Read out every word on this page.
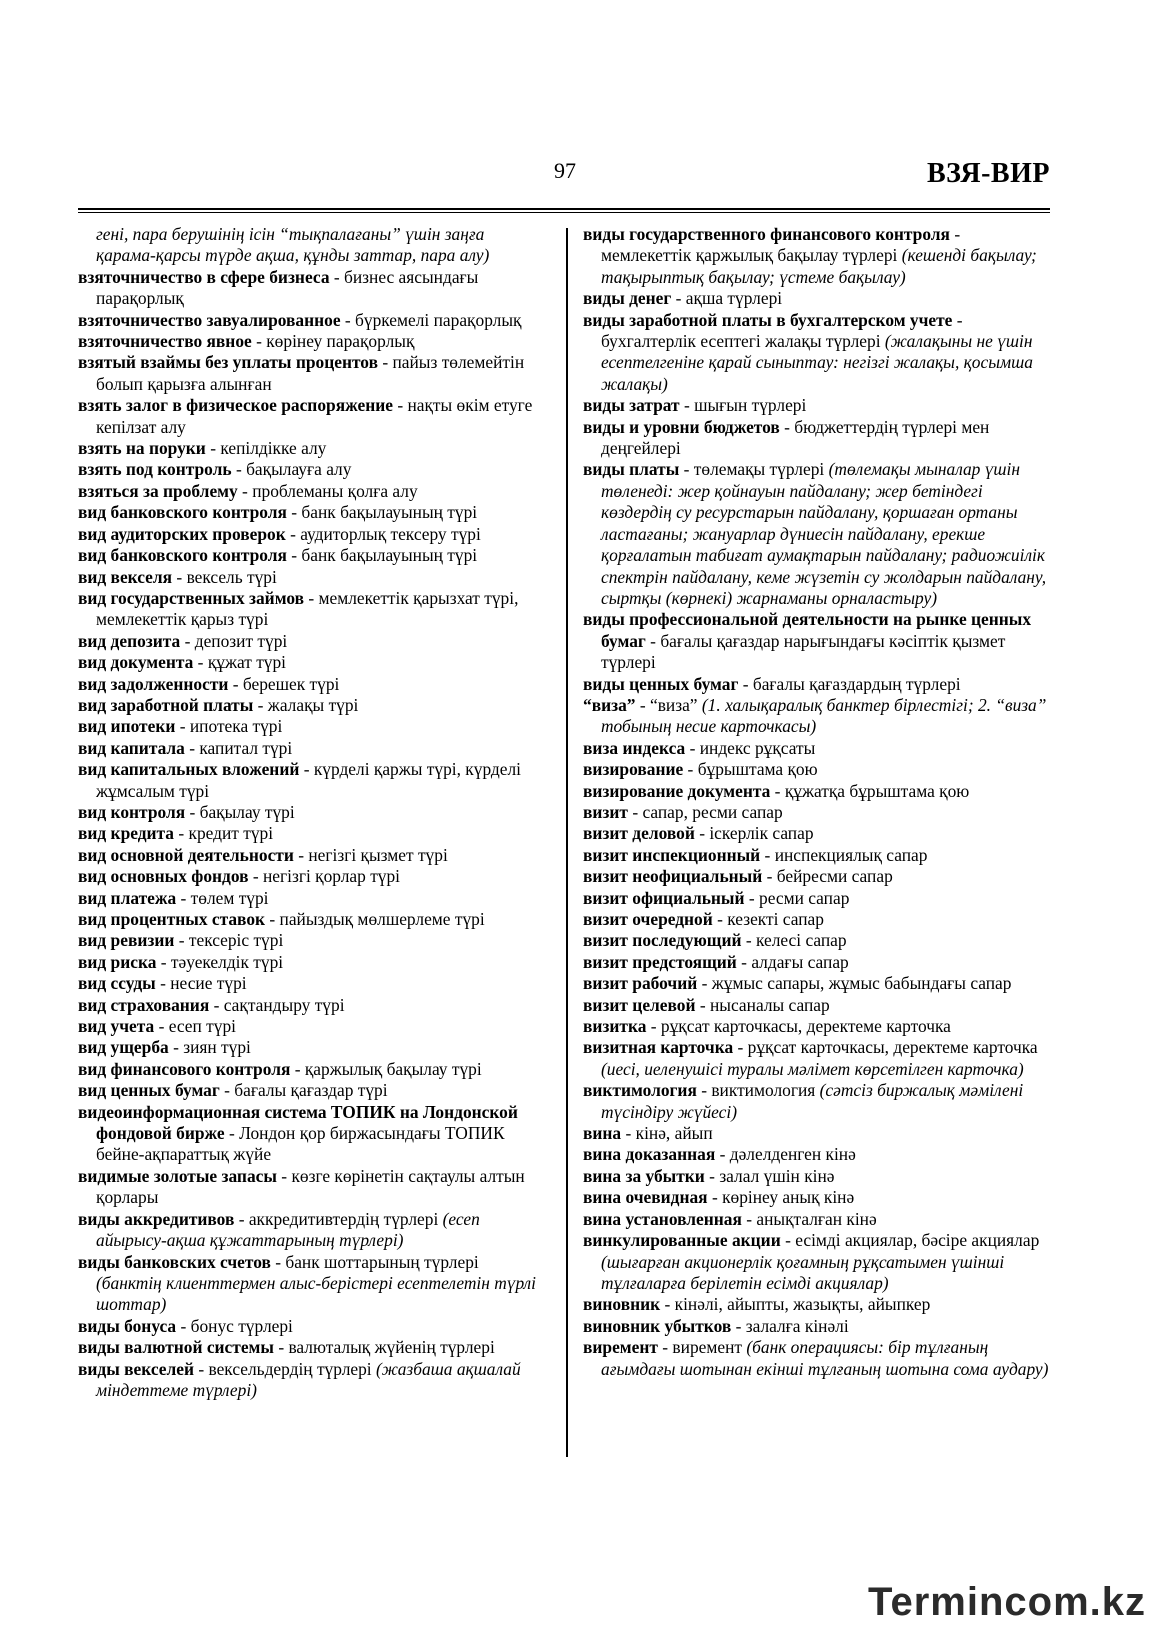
97	ВЗЯ-ВИР

гені, пара берушінің ісін “тықпалағаны” үшін заңға қарама-қарсы түрде ақша, құнды заттар, пара алу)

взяточничество в сфере бизнеса - бизнес аясындағы парақорлық

взяточничество завуалированное - бүркемелі парақорлық

взяточничество явное - көрінеу парақорлық

взятый взаймы без уплаты процентов - пайыз төлемейтін болып қарызға алынған

взять залог в физическое распоряжение - нақты өкім етуге кепілзат алу

взять на поруки - кепілдікке алу

взять под контроль - бақылауға алу

взяться за проблему - проблеманы қолға алу

вид банковского контроля - банк бақылауының түрі

вид аудиторских проверок - аудиторлық тексеру түрі

вид банковского контроля - банк бақылауының түрі

вид векселя - вексель түрі

вид государственных займов - мемлекеттік қарызхат түрі, мемлекеттік қарыз түрі

вид депозита - депозит түрі

вид документа - құжат түрі

вид задолженности - берешек түрі

вид заработной платы - жалақы түрі

вид ипотеки - ипотека түрі

вид капитала - капитал түрі

вид капитальных вложений - күрделі қаржы түрі, күрделі жұмсалым түрі

вид контроля - бақылау түрі

вид кредита - кредит түрі

вид основной деятельности - негізгі қызмет түрі

вид основных фондов - негізгі қорлар түрі

вид платежа - төлем түрі

вид процентных ставок - пайыздық мөлшерлеме түрі

вид ревизии - тексеріс түрі

вид риска - тәуекелдік түрі

вид ссуды - несие түрі

вид страхования - сақтандыру түрі

вид учета - есеп түрі

вид ущерба - зиян түрі

вид финансового контроля - қаржылық бақылау түрі

вид ценных бумаг - бағалы қағаздар түрі

видеоинформационная система ТОПИК на Лондонской фондовой бирже - Лондон қор биржасындағы ТОПИК бейне-ақпараттық жүйе

видимые золотые запасы - көзге көрінетін сақтаулы алтын қорлары

виды аккредитивов - аккредитивтердің түрлері (есеп айырысу-ақша құжаттарының түрлері)

виды банковских счетов - банк шоттарының түрлері (банктің клиенттермен алыс-берістері есептелетін түрлі шоттар)

виды бонуса - бонус түрлері

виды валютной системы - валюталық жүйенің түрлері

виды векселей - вексельдердің түрлері (жазбаша ақшалай міндеттеме түрлері)

виды государственного финансового контроля - мемлекеттік қаржылық бақылау түрлері (кешенді бақылау; тақырыптық бақылау; үстеме бақылау)

виды денег - ақша түрлері

виды заработной платы в бухгалтерском учете - бухгалтерлік есептегі жалақы түрлері (жалақыны не үшін есептелгеніне қарай сыныптау: негізгі жалақы, қосымша жалақы)

виды затрат - шығын түрлері

виды и уровни бюджетов - бюджеттердің түрлері мен деңгейлері

виды платы - төлемақы түрлері (төлемақы мыналар үшін төленеді: жер қойнауын пайдалану; жер бетіндегі көздердің су ресурстарын пайдалану, қоршаған ортаны ластағаны; жануарлар дүниесін пайдалану, ерекше қорғалатын табиғат аумақтарын пайдалану; радиожиілік спектрін пайдалану, кеме жүзетін су жолдарын пайдалану, сыртқы (көрнекі) жарнаманы орналастыру)

виды профессиональной деятельности на рынке ценных бумаг - бағалы қағаздар нарығындағы кәсіптік қызмет түрлері

виды ценных бумаг - бағалы қағаздардың түрлері

“виза” - “виза” (1. халықаралық банктер бірлестігі; 2. “виза” тобының несие карточкасы)

виза индекса - индекс рұқсаты

визирование - бұрыштама қою

визирование документа - құжатқа бұрыштама қою

визит - сапар, ресми сапар

визит деловой - іскерлік сапар

визит инспекционный - инспекциялық сапар

визит неофициальный - бейресми сапар

визит официальный - ресми сапар

визит очередной - кезекті сапар

визит последующий - келесі сапар

визит предстоящий - алдағы сапар

визит рабочий - жұмыс сапары, жұмыс бабындағы сапар

визит целевой - нысаналы сапар

визитка - рұқсат карточкасы, деректеме карточка

визитная карточка - рұқсат карточкасы, деректеме карточка (иесі, иеленушісі туралы мәлімет көрсетілген карточка)

виктимология - виктимология (сәтсіз биржалық мәмілені түсіндіру жүйесі)

вина - кінә, айып

вина доказанная - дәлелденген кінә

вина за убытки - залал үшін кінә

вина очевидная - көрінеу анық кінә

вина установленная - анықталған кінә

винкулированные акции - есімді акциялар, бәсіре акциялар (шығарған акционерлік қоғамның рұқсатымен үшінші тұлғаларға берілетін есімді акциялар)

виновник - кінәлі, айыпты, жазықты, айыпкер

виновник убытков - залалға кінәлі

виремент - виремент (банк операциясы: бір тұлғаның ағымдағы шотынан екінші тұлғаның шотына сома аудару)

Termincom.kz
